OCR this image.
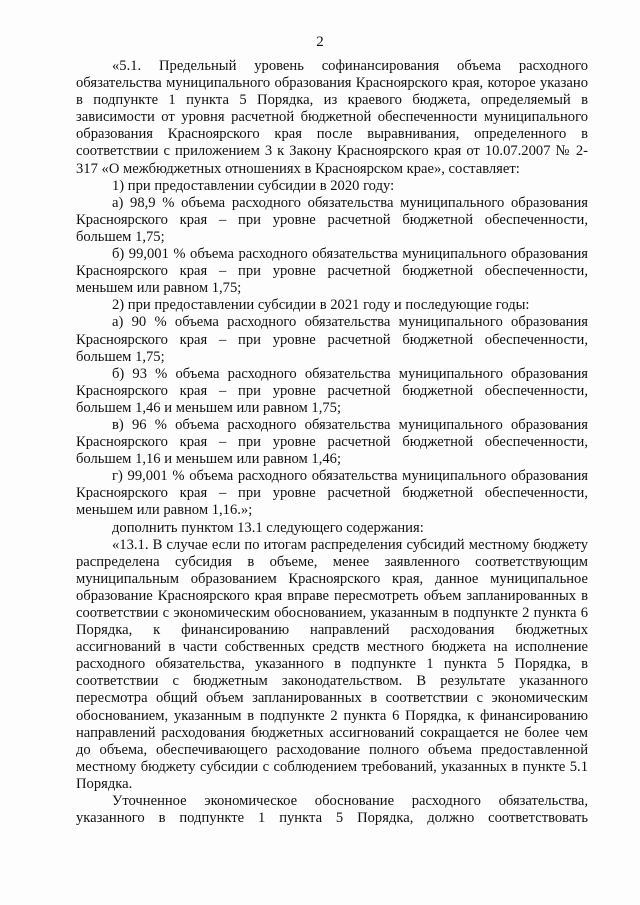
2

«5.1. Предельный уровень софинансирования объема расходного обязательства муниципального образования Красноярского края, которое указано в подпункте 1 пункта 5 Порядка, из краевого бюджета, определяемый в зависимости от уровня расчетной бюджетной обеспеченности муниципального образования Красноярского края после выравнивания, определенного в соответствии с приложением 3 к Закону Красноярского края от 10.07.2007 № 2-317 «О межбюджетных отношениях в Красноярском крае», составляет:

1) при предоставлении субсидии в 2020 году:

а) 98,9 % объема расходного обязательства муниципального образования Красноярского края – при уровне расчетной бюджетной обеспеченности, большем 1,75;

б) 99,001 % объема расходного обязательства муниципального образования Красноярского края – при уровне расчетной бюджетной обеспеченности, меньшем или равном 1,75;

2) при предоставлении субсидии в 2021 году и последующие годы:

а) 90 % объема расходного обязательства муниципального образования Красноярского края – при уровне расчетной бюджетной обеспеченности, большем 1,75;

б) 93 % объема расходного обязательства муниципального образования Красноярского края – при уровне расчетной бюджетной обеспеченности, большем 1,46 и меньшем или равном 1,75;

в) 96 % объема расходного обязательства муниципального образования Красноярского края – при уровне расчетной бюджетной обеспеченности, большем 1,16 и меньшем или равном 1,46;

г) 99,001 % объема расходного обязательства муниципального образования Красноярского края – при уровне расчетной бюджетной обеспеченности, меньшем или равном 1,16.»;

дополнить пунктом 13.1 следующего содержания:

«13.1. В случае если по итогам распределения субсидий местному бюджету распределена субсидия в объеме, менее заявленного соответствующим муниципальным образованием Красноярского края, данное муниципальное образование Красноярского края вправе пересмотреть объем запланированных в соответствии с экономическим обоснованием, указанным в подпункте 2 пункта 6 Порядка, к финансированию направлений расходования бюджетных ассигнований в части собственных средств местного бюджета на исполнение расходного обязательства, указанного в подпункте 1 пункта 5 Порядка, в соответствии с бюджетным законодательством. В результате указанного пересмотра общий объем запланированных в соответствии с экономическим обоснованием, указанным в подпункте 2 пункта 6 Порядка, к финансированию направлений расходования бюджетных ассигнований сокращается не более чем до объема, обеспечивающего расходование полного объема предоставленной местному бюджету субсидии с соблюдением требований, указанных в пункте 5.1 Порядка.

Уточненное экономическое обоснование расходного обязательства, указанного в подпункте 1 пункта 5 Порядка, должно соответствовать
